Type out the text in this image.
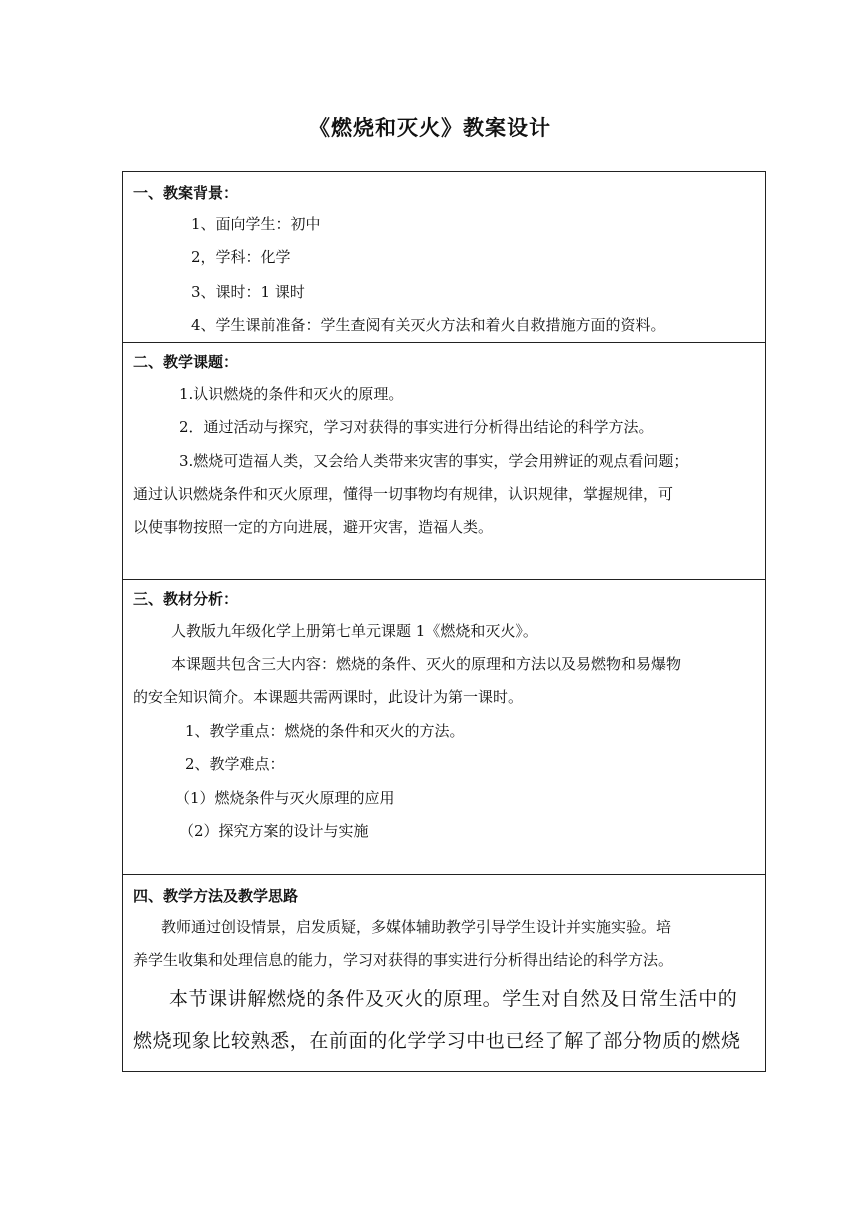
《燃烧和灭火》教案设计
一、教案背景：
1、面向学生：初中
2，学科：化学
3、课时：1 课时
4、学生课前准备：学生查阅有关灭火方法和着火自救措施方面的资料。
二、教学课题：
1.认识燃烧的条件和灭火的原理。
2．通过活动与探究，学习对获得的事实进行分析得出结论的科学方法。
3.燃烧可造福人类，又会给人类带来灾害的事实，学会用辨证的观点看问题；
通过认识燃烧条件和灭火原理，懂得一切事物均有规律，认识规律，掌握规律，可
以使事物按照一定的方向进展，避开灾害，造福人类。
三、教材分析：
人教版九年级化学上册第七单元课题 1《燃烧和灭火》。
本课题共包含三大内容：燃烧的条件、灭火的原理和方法以及易燃物和易爆物
的安全知识简介。本课题共需两课时，此设计为第一课时。
1、教学重点：燃烧的条件和灭火的方法。
2、教学难点：
（1）燃烧条件与灭火原理的应用
（2）探究方案的设计与实施
四、教学方法及教学思路
教师通过创设情景，启发质疑，多媒体辅助教学引导学生设计并实施实验。培
养学生收集和处理信息的能力，学习对获得的事实进行分析得出结论的科学方法。
本节课讲解燃烧的条件及灭火的原理。学生对自然及日常生活中的
燃烧现象比较熟悉，在前面的化学学习中也已经了解了部分物质的燃烧
